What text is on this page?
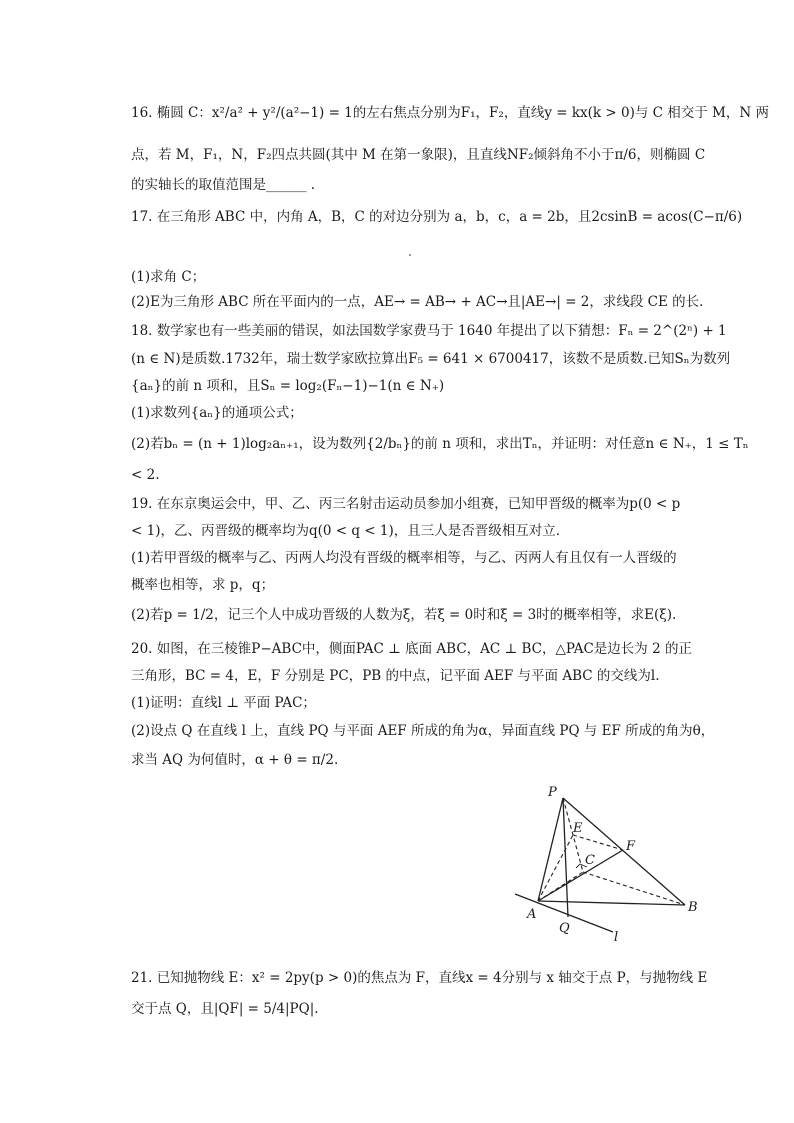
16. 椭圆 C：x²/a² + y²/(a²−1) = 1的左右焦点分别为F₁，F₂，直线y = kx(k > 0)与 C 相交于 M，N 两
点，若 M，F₁，N，F₂四点共圆(其中 M 在第一象限)，且直线NF₂倾斜角不小于π/6，则椭圆 C
的实轴长的取值范围是______ .
17. 在三角形 ABC 中，内角 A，B，C 的对边分别为 a，b，c，a = 2b，且2csinB = acos(C−π/6)
(1)求角 C；
(2)E为三角形 ABC 所在平面内的一点，AE→ = AB→ + AC→且|AE→| = 2，求线段 CE 的长．
18. 数学家也有一些美丽的错误，如法国数学家费马于 1640 年提出了以下猜想：Fₙ = 2^(2ⁿ) + 1
(n ∈ N)是质数.1732年，瑞士数学家欧拉算出F₅ = 641 × 6700417，该数不是质数.已知Sₙ为数列
{aₙ}的前 n 项和，且Sₙ = log₂(Fₙ−1)−1(n ∈ N₊)
(1)求数列{aₙ}的通项公式；
(2)若bₙ = (n + 1)log₂aₙ₊₁，设为数列{2/bₙ}的前 n 项和，求出Tₙ，并证明：对任意n ∈ N₊，1 ≤ Tₙ
< 2.
19. 在东京奥运会中，甲、乙、丙三名射击运动员参加小组赛，已知甲晋级的概率为p(0 < p
< 1)，乙、丙晋级的概率均为q(0 < q < 1)，且三人是否晋级相互对立．
(1)若甲晋级的概率与乙、丙两人均没有晋级的概率相等，与乙、丙两人有且仅有一人晋级的
概率也相等，求 p，q；
(2)若p = 1/2，记三个人中成功晋级的人数为ξ，若ξ = 0时和ξ = 3时的概率相等，求E(ξ).
20. 如图，在三棱锥P−ABC中，侧面PAC ⊥ 底面 ABC，AC ⊥ BC，△PAC是边长为 2 的正
三角形，BC = 4，E，F 分别是 PC，PB 的中点，记平面 AEF 与平面 ABC 的交线为l.
(1)证明：直线l ⊥ 平面 PAC；
(2)设点 Q 在直线 l 上，直线 PQ 与平面 AEF 所成的角为α，异面直线 PQ 与 EF 所成的角为θ，
求当 AQ 为何值时，α + θ = π/2.
P
E
F
C
A	B
Q
l
21. 已知抛物线 E：x² = 2py(p > 0)的焦点为 F，直线x = 4分别与 x 轴交于点 P，与抛物线 E
交于点 Q，且|QF| = 5/4|PQ|.
